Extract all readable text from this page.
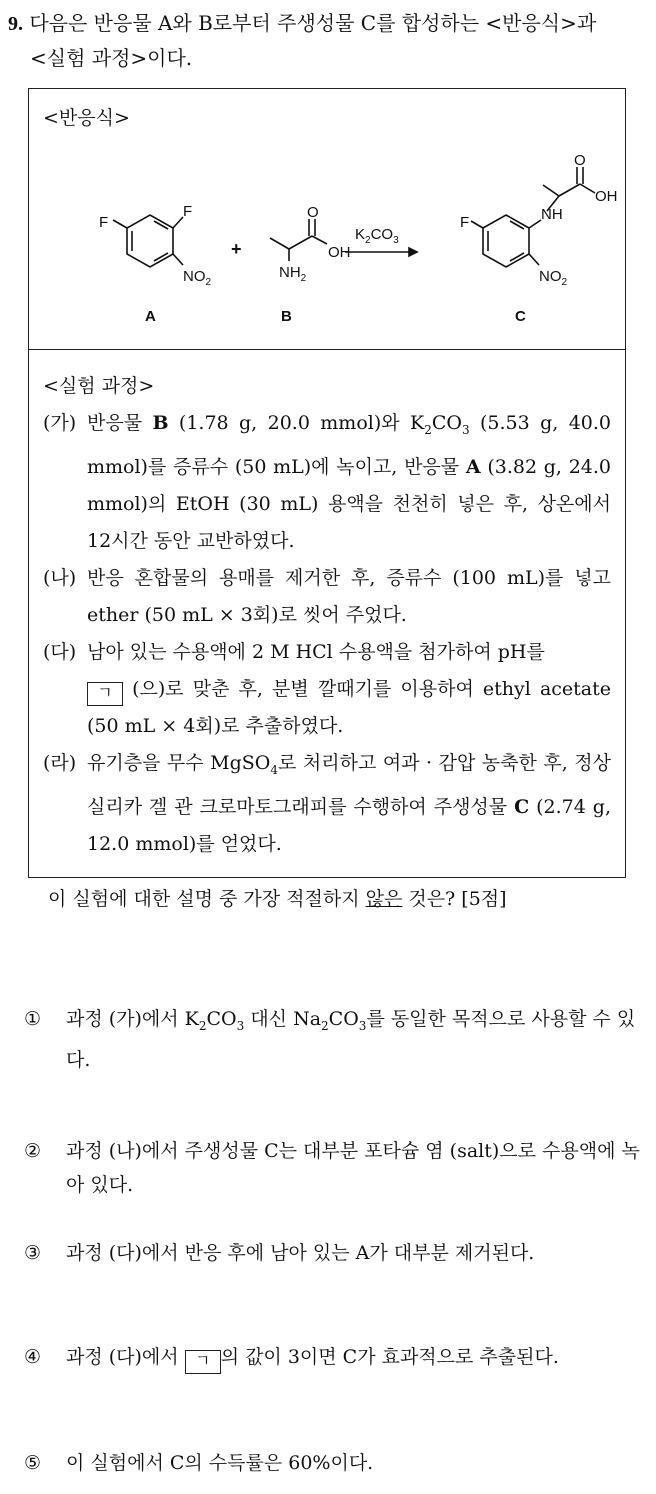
9. 다음은 반응물 A와 B로부터 주생성물 C를 합성하는 <반응식>과
<실험 과정>이다.
<반응식>
F
F
$NO_2$
+
O
OH
$NH_2$
$K_2CO_3$
F	NH
O
OH
$NO_2$
A	B	C
<실험 과정>
(가) 반응물 B (1.78 g, 20.0 mmol)와 $K_2CO_3$ (5.53 g, 40.0 mmol)를 증류수 (50 mL)에 녹이고, 반응물 A (3.82 g, 24.0 mmol)의 EtOH (30 mL) 용액을 천천히 넣은 후, 상온에서 12시간 동안 교반하였다.
(나) 반응 혼합물의 용매를 제거한 후, 증류수 (100 mL)를 넣고 ether (50 mL × 3회)로 씻어 주었다.
(다) 남아 있는 수용액에 2 M HCl 수용액을 첨가하여 pH를
ㄱ (으)로 맞춘 후, 분별 깔때기를 이용하여 ethyl acetate (50 mL × 4회)로 추출하였다.
(라) 유기층을 무수 MgSO$_4$로 처리하고 여과 · 감압 농축한 후, 정상 실리카 겔 관 크로마토그래피를 수행하여 주생성물 C (2.74 g, 12.0 mmol)를 얻었다.
이 실험에 대한 설명 중 가장 적절하지 않은 것은? [5점]
①	과정 (가)에서 $K_2CO_3$ 대신 $Na_2CO_3$를 동일한 목적으로 사용할 수 있다.
②	과정 (나)에서 주생성물 C는 대부분 포타슘 염 (salt)으로 수용액에 녹아 있다.
③	과정 (다)에서 반응 후에 남아 있는 A가 대부분 제거된다.
④	과정 (다)에서 ㄱ 의 값이 3이면 C가 효과적으로 추출된다.
⑤	이 실험에서 C의 수득률은 60%이다.
